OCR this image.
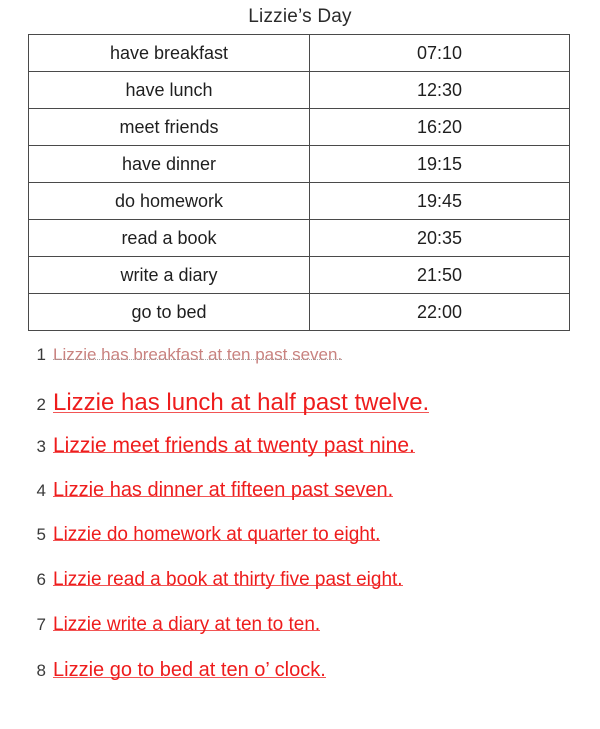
Lizzie’s Day
have breakfast	07:10
have lunch	12:30
meet friends	16:20
have dinner	19:15
do homework	19:45
read a book	20:35
write a diary	21:50
go to bed	22:00
1 Lizzie has breakfast at ten past seven.
2 Lizzie has lunch at half past twelve.
3 Lizzie meet friends at twenty past nine.
4 Lizzie has dinner at fifteen past seven.
5 Lizzie do homework at quarter to eight.
6 Lizzie read a book at thirty five past eight.
7 Lizzie write a diary at ten to ten.
8 Lizzie go to bed at ten o’ clock.
